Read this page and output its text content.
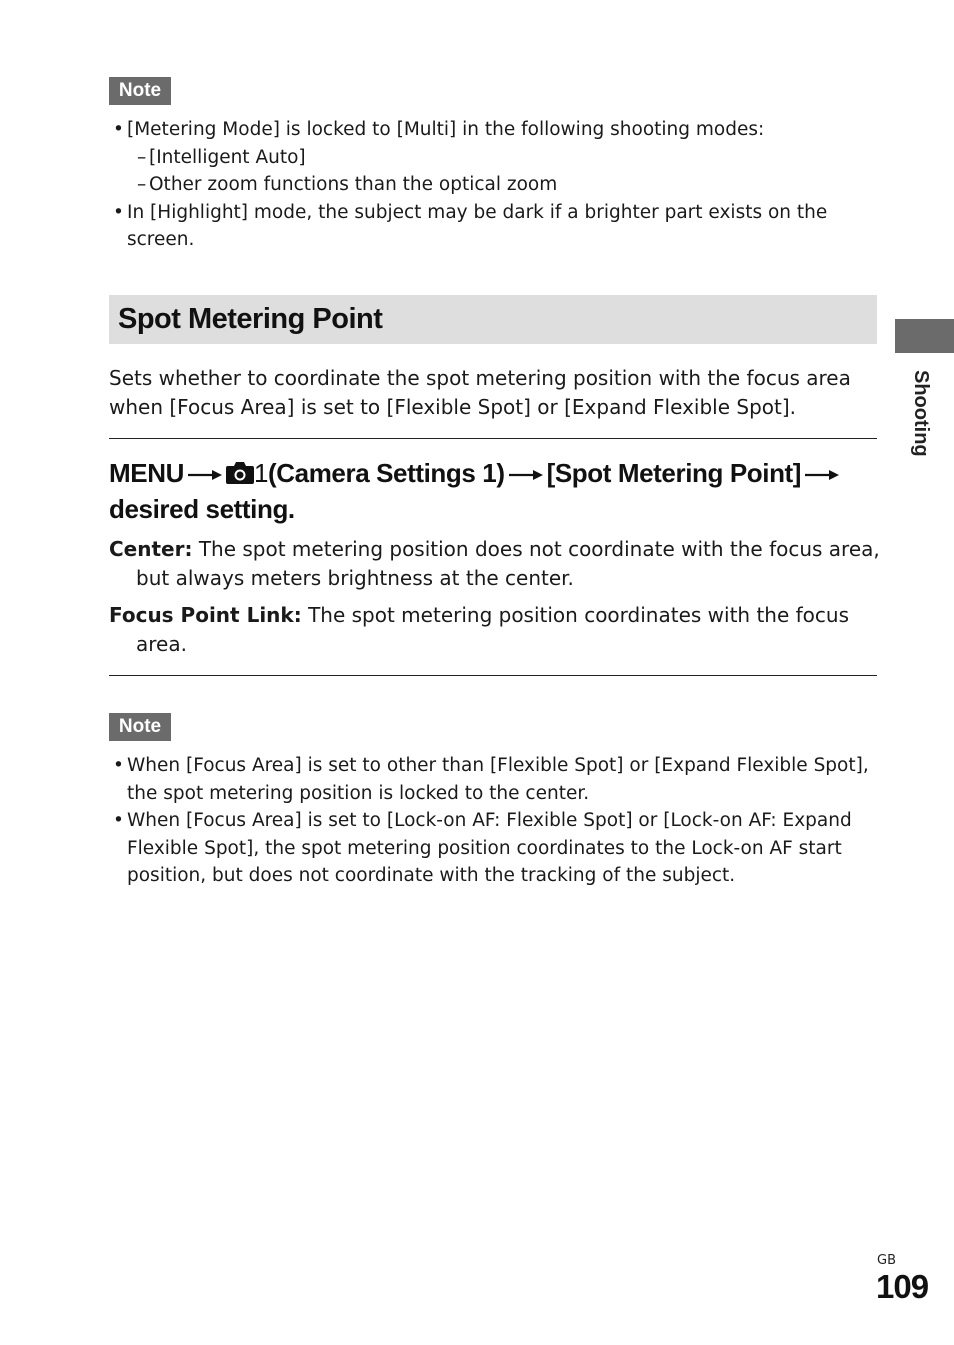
Note
• [Metering Mode] is locked to [Multi] in the following shooting modes:
– [Intelligent Auto]
– Other zoom functions than the optical zoom
• In [Highlight] mode, the subject may be dark if a brighter part exists on the screen.
Spot Metering Point

Sets whether to coordinate the spot metering position with the focus area when [Focus Area] is set to [Flexible Spot] or [Expand Flexible Spot].

MENU	1(Camera Settings 1) [Spot Metering Point]
desired setting.

Center: The spot metering position does not coordinate with the focus area, but always meters brightness at the center.

Focus Point Link: The spot metering position coordinates with the focus area.

Note
• When [Focus Area] is set to other than [Flexible Spot] or [Expand Flexible Spot], the spot metering position is locked to the center.
• When [Focus Area] is set to [Lock-on AF: Flexible Spot] or [Lock-on AF: Expand Flexible Spot], the spot metering position coordinates to the Lock-on AF start position, but does not coordinate with the tracking of the subject.
Shooting
GB
109
